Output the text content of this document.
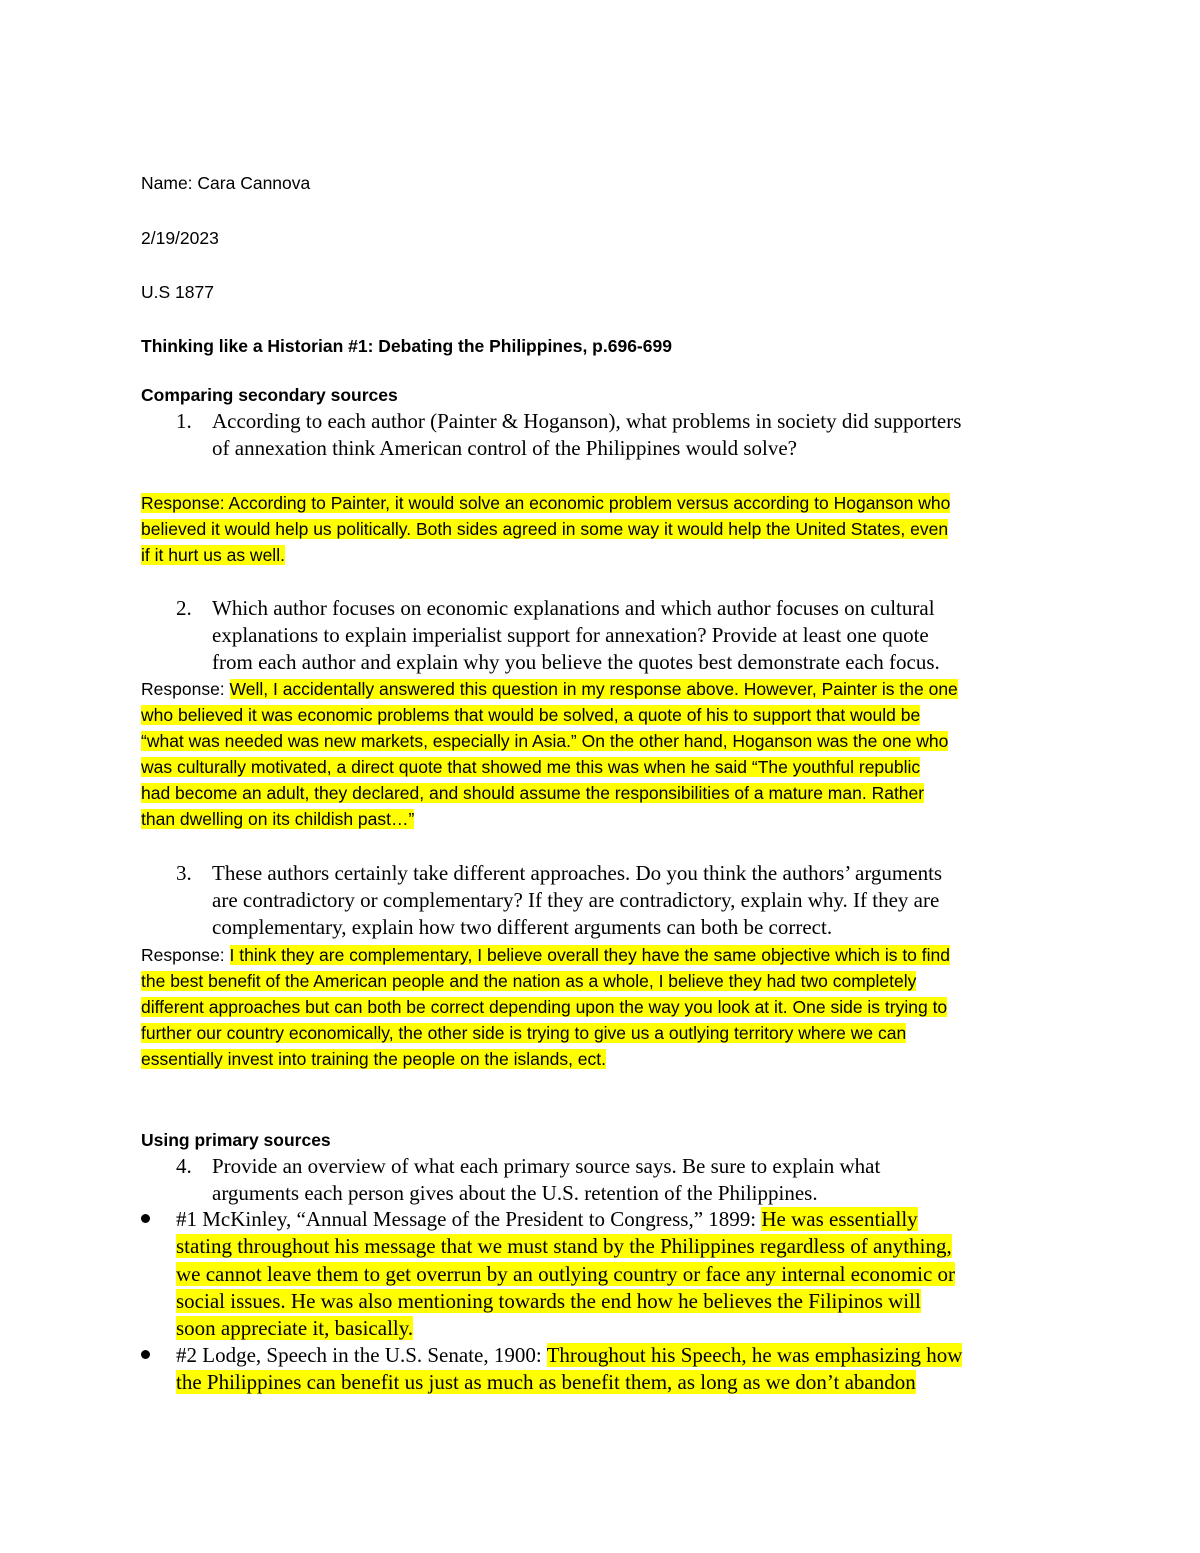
Name: Cara Cannova
2/19/2023
U.S 1877
Thinking like a Historian #1: Debating the Philippines, p.696-699
Comparing secondary sources
1. According to each author (Painter & Hoganson), what problems in society did supporters
of annexation think American control of the Philippines would solve?
Response: According to Painter, it would solve an economic problem versus according to Hoganson who
believed it would help us politically. Both sides agreed in some way it would help the United States, even
if it hurt us as well.
2. Which author focuses on economic explanations and which author focuses on cultural
explanations to explain imperialist support for annexation? Provide at least one quote
from each author and explain why you believe the quotes best demonstrate each focus.
Response: Well, I accidentally answered this question in my response above. However, Painter is the one
who believed it was economic problems that would be solved, a quote of his to support that would be
“what was needed was new markets, especially in Asia.” On the other hand, Hoganson was the one who
was culturally motivated, a direct quote that showed me this was when he said “The youthful republic
had become an adult, they declared, and should assume the responsibilities of a mature man. Rather
than dwelling on its childish past…”
3. These authors certainly take different approaches. Do you think the authors’ arguments
are contradictory or complementary? If they are contradictory, explain why. If they are
complementary, explain how two different arguments can both be correct.
Response: I think they are complementary, I believe overall they have the same objective which is to find
the best benefit of the American people and the nation as a whole, I believe they had two completely
different approaches but can both be correct depending upon the way you look at it. One side is trying to
further our country economically, the other side is trying to give us a outlying territory where we can
essentially invest into training the people on the islands, ect.
Using primary sources
4. Provide an overview of what each primary source says. Be sure to explain what
arguments each person gives about the U.S. retention of the Philippines.
#1 McKinley, “Annual Message of the President to Congress,” 1899: He was essentially
stating throughout his message that we must stand by the Philippines regardless of anything,
we cannot leave them to get overrun by an outlying country or face any internal economic or
social issues. He was also mentioning towards the end how he believes the Filipinos will
soon appreciate it, basically.
#2 Lodge, Speech in the U.S. Senate, 1900: Throughout his Speech, he was emphasizing how
the Philippines can benefit us just as much as benefit them, as long as we don’t abandon
